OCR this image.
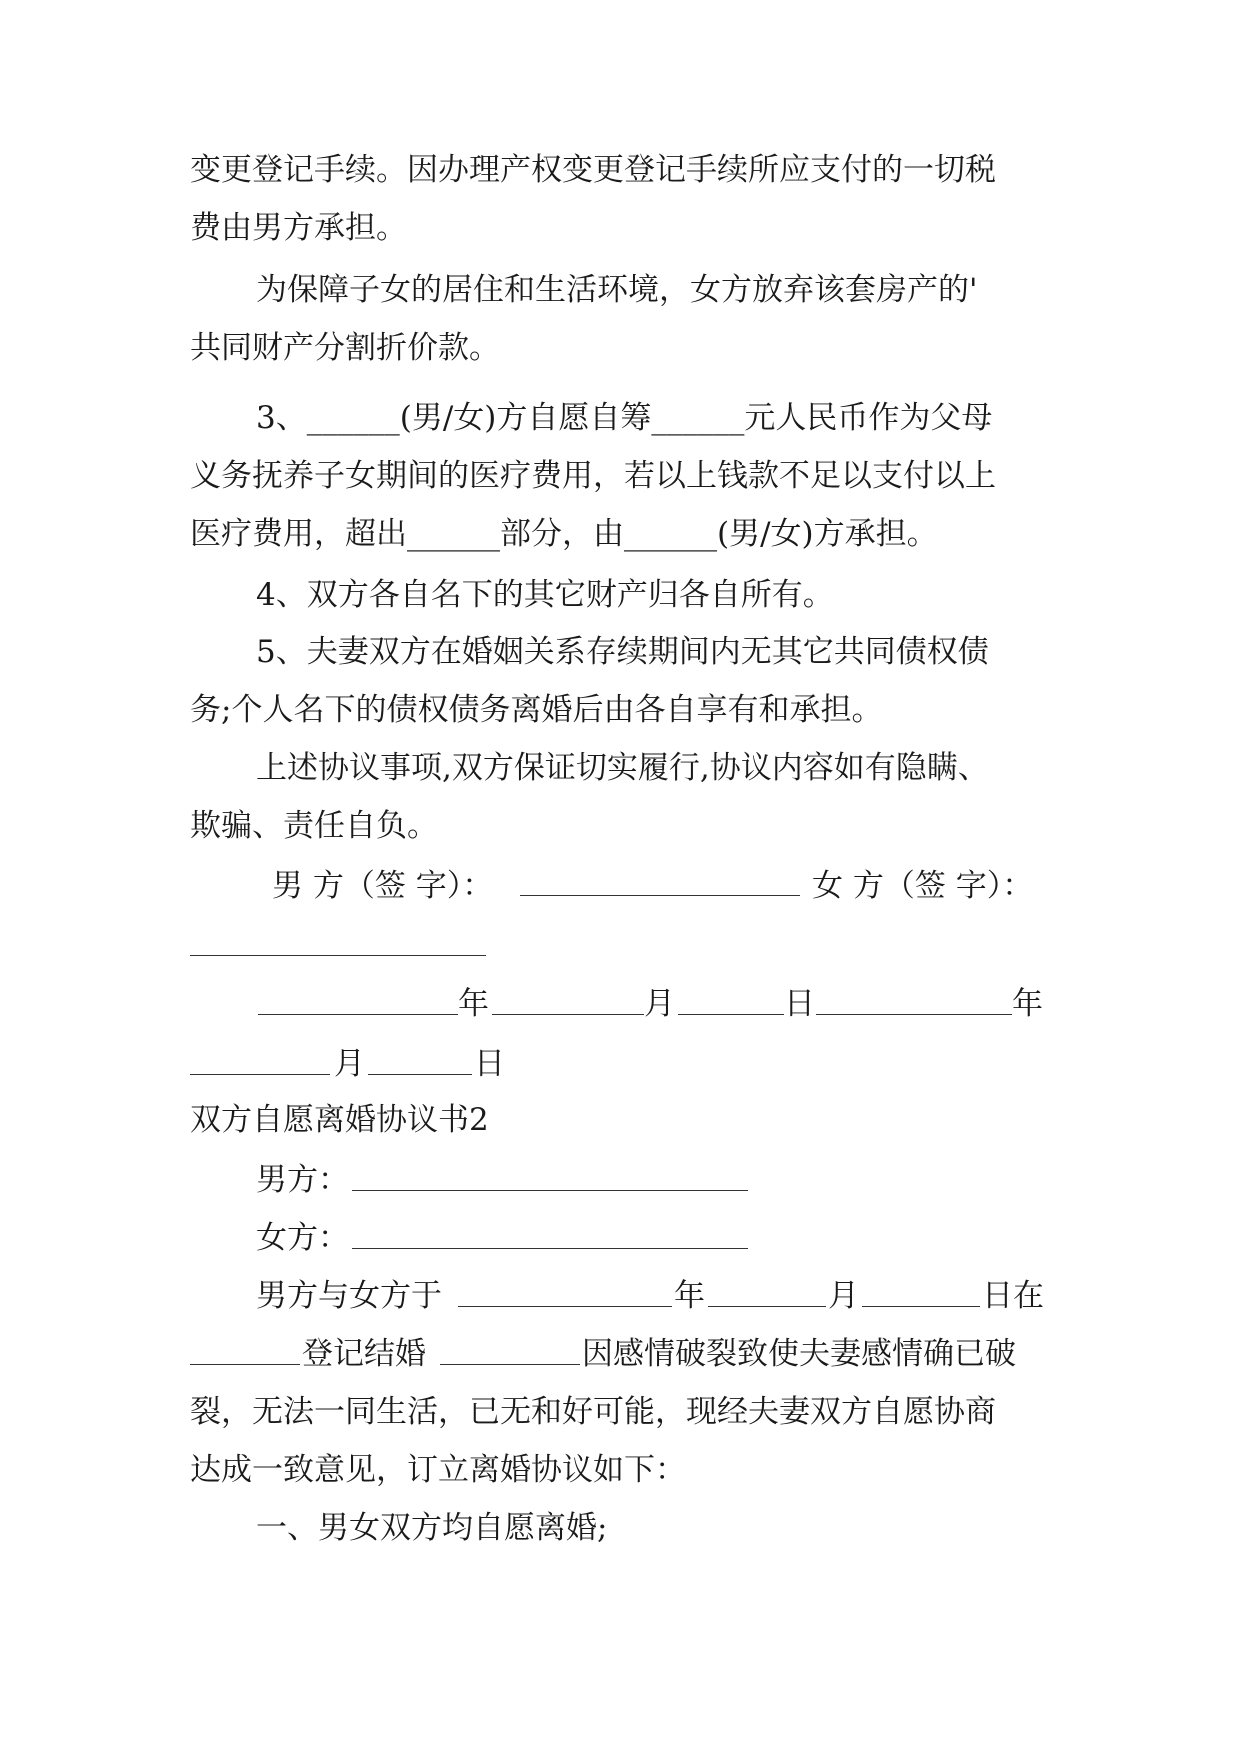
变更登记手续。因办理产权变更登记手续所应支付的一切税
费由男方承担。
为保障子女的居住和生活环境，女方放弃该套房产的'
共同财产分割折价款。
3、______(男/女)方自愿自筹______元人民币作为父母
义务抚养子女期间的医疗费用，若以上钱款不足以支付以上
医疗费用，超出______部分，由______(男/女)方承担。
4、双方各自名下的其它财产归各自所有。
5、夫妻双方在婚姻关系存续期间内无其它共同债权债
务;个人名下的债权债务离婚后由各自享有和承担。
上述协议事项,双方保证切实履行,协议内容如有隐瞒、
欺骗、责任自负。
男 方（签 字）：	女 方（签 字）：
年	月	日	年
月	日
双方自愿离婚协议书2
男方：
女方：
男方与女方于	年	月	日在
登记结婚	因感情破裂致使夫妻感情确已破
裂，无法一同生活，已无和好可能，现经夫妻双方自愿协商
达成一致意见，订立离婚协议如下：
一、男女双方均自愿离婚;
